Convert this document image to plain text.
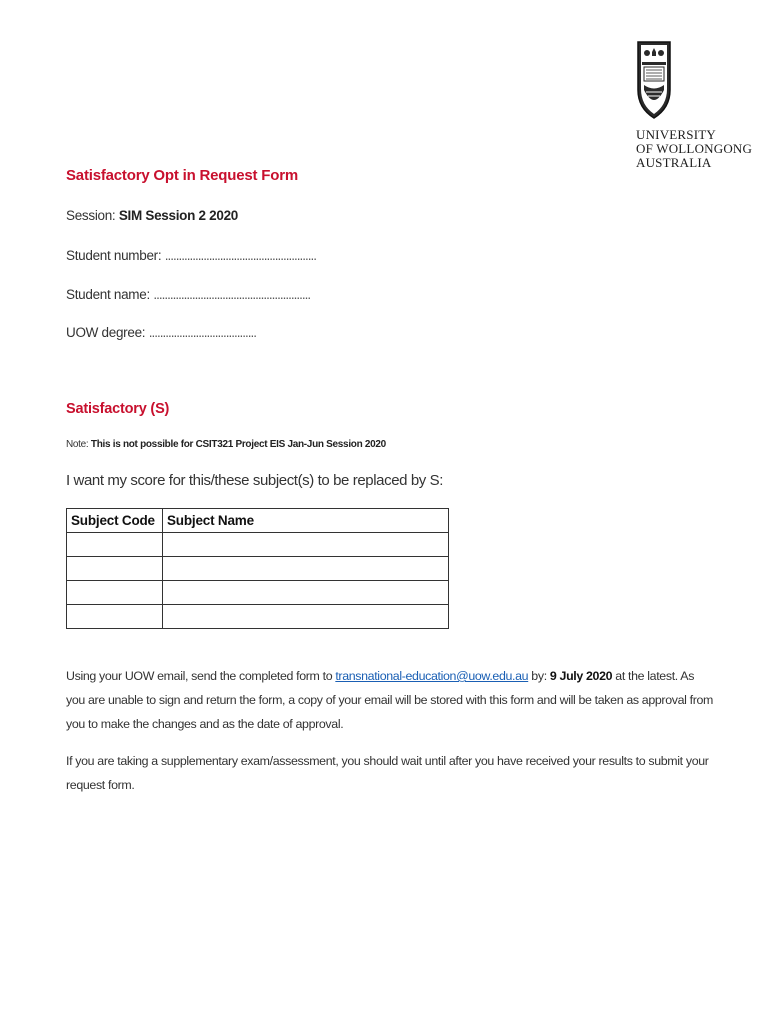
UNIVERSITY
OF WOLLONGONG
AUSTRALIA
Satisfactory Opt in Request Form
Session: SIM Session 2 2020
Student number: .......................................................
Student name: .........................................................
UOW degree: .......................................
Satisfactory (S)
Note: This is not possible for CSIT321 Project EIS Jan-Jun Session 2020
I want my score for this/these subject(s) to be replaced by S:
Subject Code	Subject Name

Using your UOW email, send the completed form to transnational-education@uow.edu.au by: 9 July 2020 at the latest. As you are unable to sign and return the form, a copy of your email will be stored with this form and will be taken as approval from you to make the changes and as the date of approval.

If you are taking a supplementary exam/assessment, you should wait until after you have received your results to submit your request form.
